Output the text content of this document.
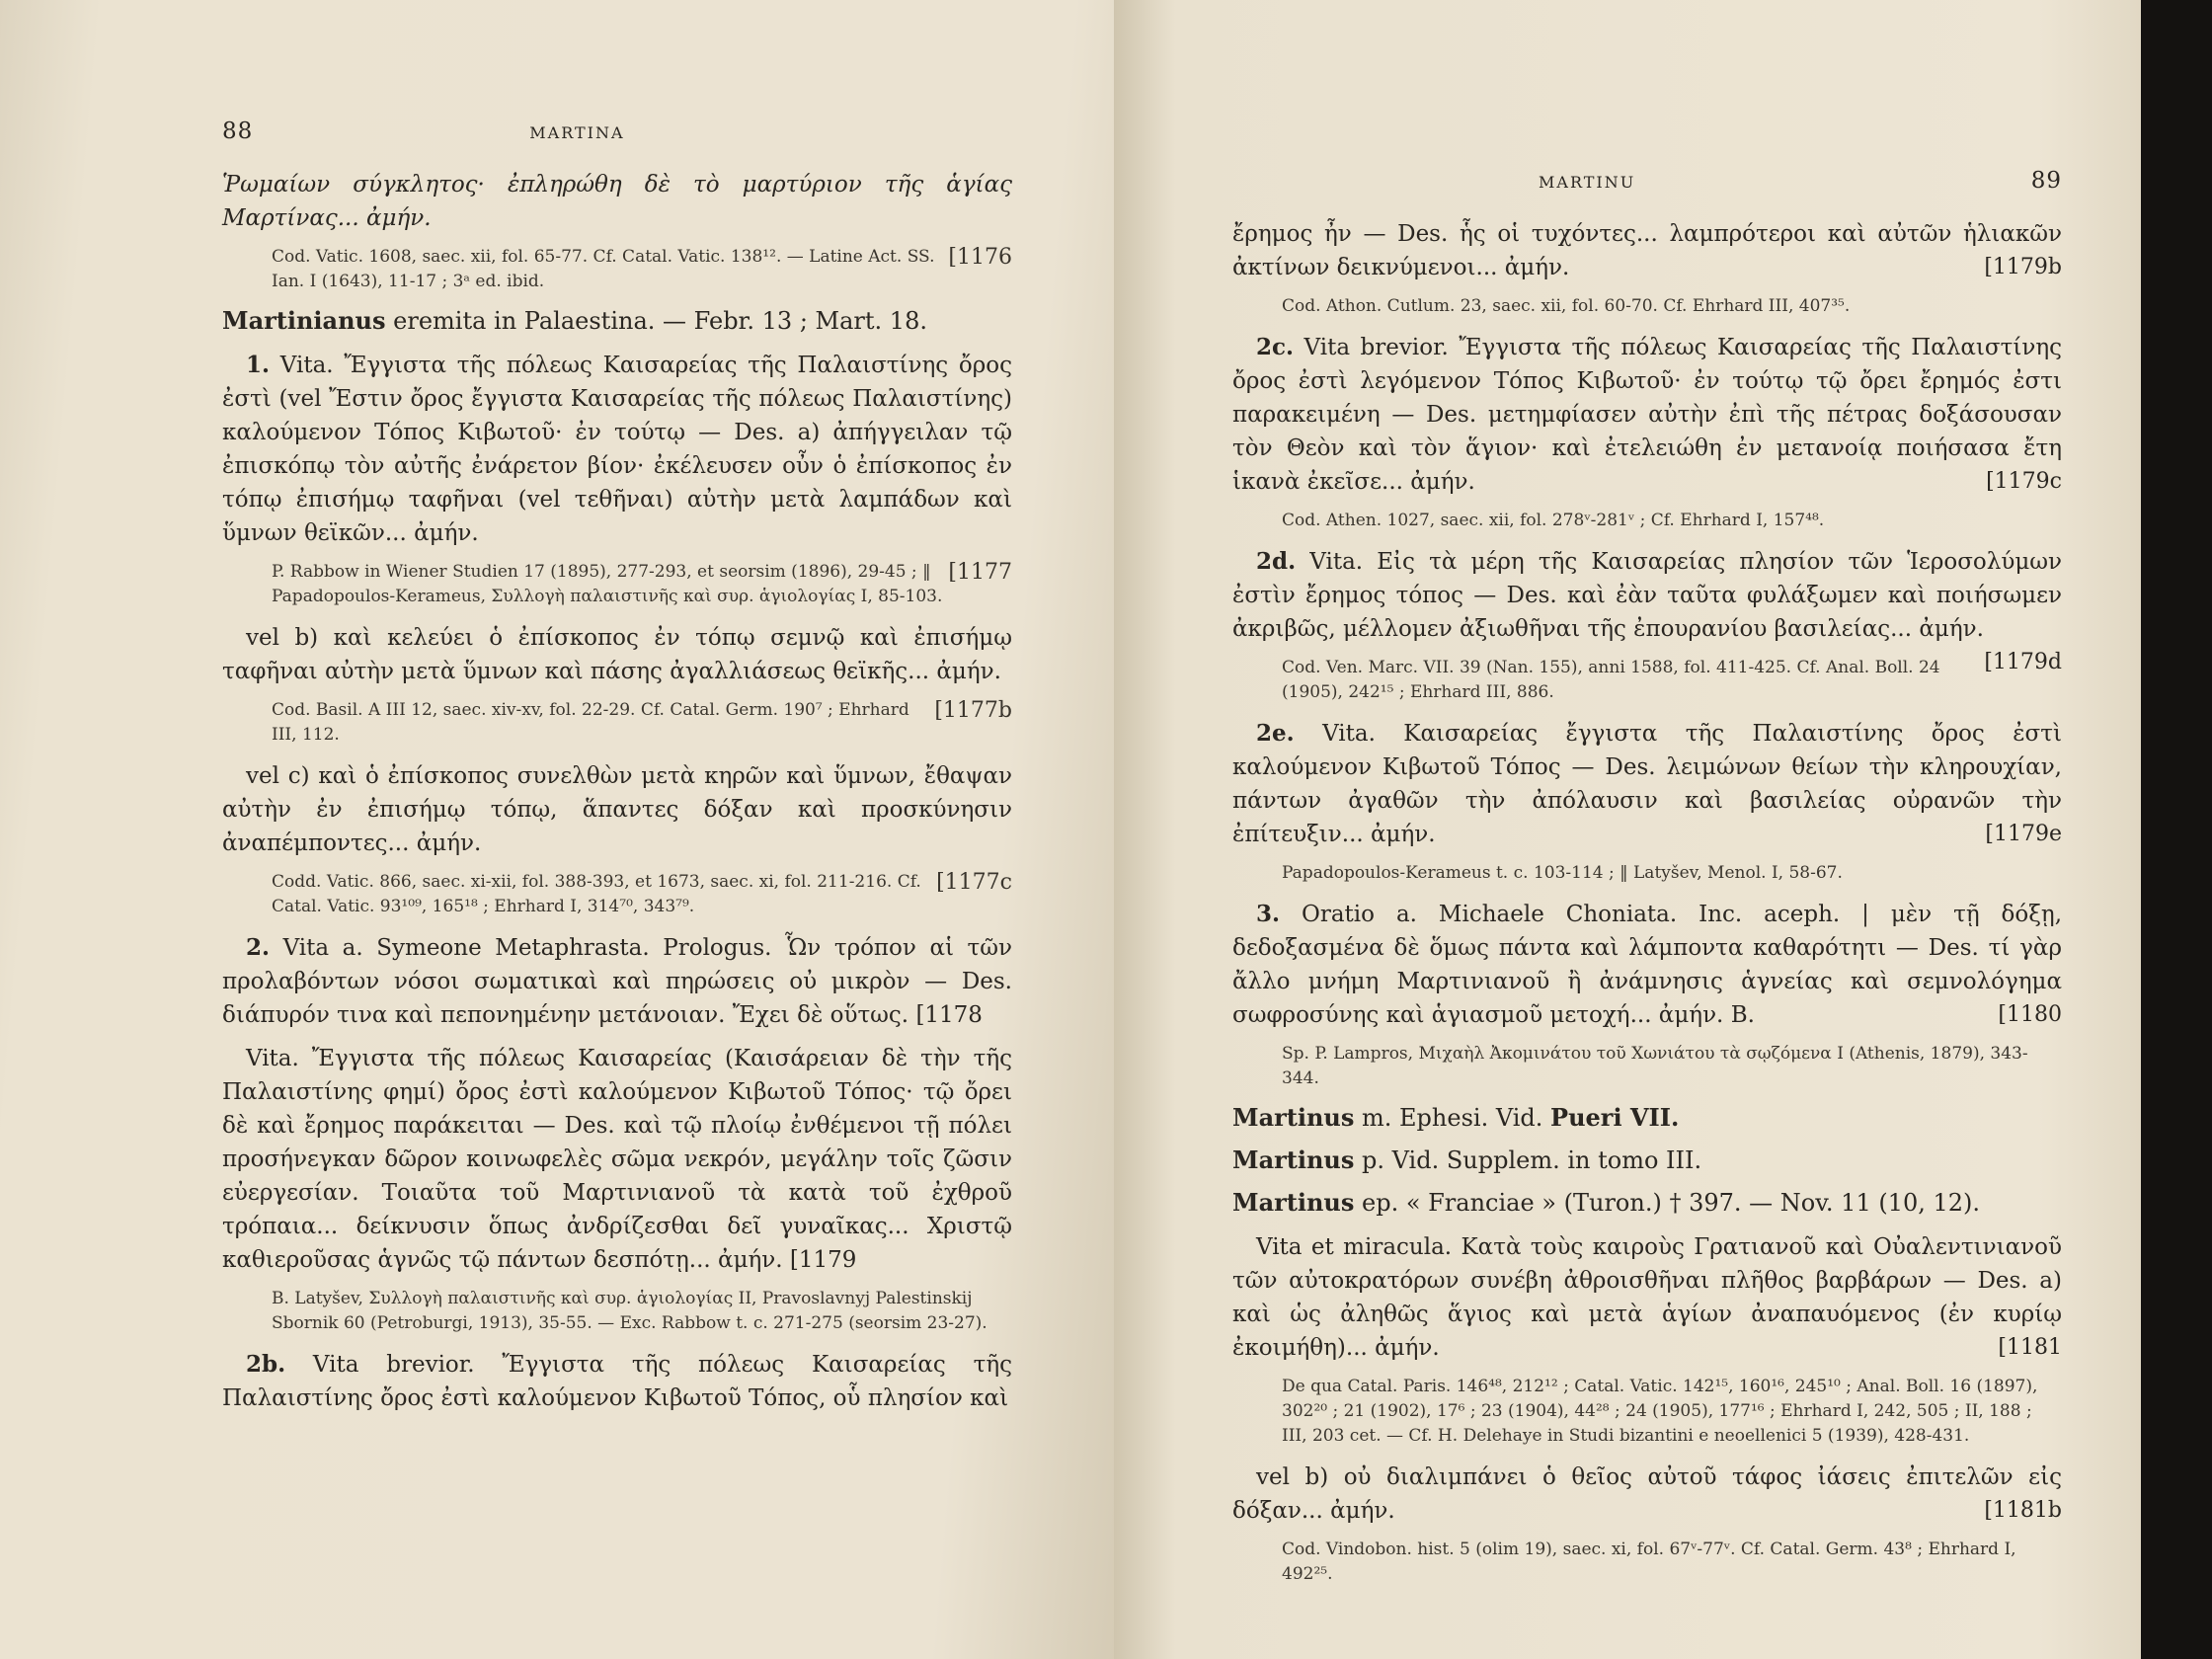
88	MARTINA

Ῥωμαίων σύγκλητος· ἐπληρώθη δὲ τὸ μαρτύριον τῆς ἁγίας Μαρτίνας... ἀμήν.

[1176
Cod. Vatic. 1608, saec. xii, fol. 65-77. Cf. Catal. Vatic. 138¹². — Latine Act. SS. Ian. I (1643), 11-17 ; 3ᵃ ed. ibid.
Martinianus eremita in Palaestina. — Febr. 13 ; Mart. 18.

1. Vita. Ἔγγιστα τῆς πόλεως Καισαρείας τῆς Παλαιστίνης ὄρος ἐστὶ (vel Ἔστιν ὄρος ἔγγιστα Καισαρείας τῆς πόλεως Παλαιστίνης) καλούμενον Τόπος Κιβωτοῦ· ἐν τούτῳ — Des. a) ἀπήγγειλαν τῷ ἐπισκόπῳ τὸν αὐτῆς ἐνάρετον βίον· ἐκέλευσεν οὖν ὁ ἐπίσκοπος ἐν τόπῳ ἐπισήμῳ ταφῆναι (vel τεθῆναι) αὐτὴν μετὰ λαμπάδων καὶ ὕμνων θεϊκῶν... ἀμήν.

[1177
P. Rabbow in Wiener Studien 17 (1895), 277-293, et seorsim (1896), 29-45 ; ‖ Papadopoulos-Kerameus, Συλλογὴ παλαιστινῆς καὶ συρ. ἁγιολογίας I, 85-103.

vel b) καὶ κελεύει ὁ ἐπίσκοπος ἐν τόπῳ σεμνῷ καὶ ἐπισήμῳ ταφῆναι αὐτὴν μετὰ ὕμνων καὶ πάσης ἀγαλλιάσεως θεϊκῆς... ἀμήν.

[1177b
Cod. Basil. A III 12, saec. xiv-xv, fol. 22-29. Cf. Catal. Germ. 190⁷ ; Ehrhard III, 112.

vel c) καὶ ὁ ἐπίσκοπος συνελθὼν μετὰ κηρῶν καὶ ὕμνων, ἔθαψαν αὐτὴν ἐν ἐπισήμῳ τόπῳ, ἅπαντες δόξαν καὶ προσκύνησιν ἀναπέμποντες... ἀμήν.

[1177c
Codd. Vatic. 866, saec. xi-xii, fol. 388-393, et 1673, saec. xi, fol. 211-216. Cf. Catal. Vatic. 93¹⁰⁹, 165¹⁸ ; Ehrhard I, 314⁷⁰, 343⁷⁹.

2. Vita a. Symeone Metaphrasta. Prologus. Ὧν τρόπον αἱ τῶν προλαβόντων νόσοι σωματικαὶ καὶ πηρώσεις οὐ μικρὸν — Des. διάπυρόν τινα καὶ πεπονημένην μετάνοιαν. Ἔχει δὲ οὕτως. [1178

Vita. Ἔγγιστα τῆς πόλεως Καισαρείας (Καισάρειαν δὲ τὴν τῆς Παλαιστίνης φημί) ὄρος ἐστὶ καλούμενον Κιβωτοῦ Τόπος· τῷ ὄρει δὲ καὶ ἔρημος παράκειται — Des. καὶ τῷ πλοίῳ ἐνθέμενοι τῇ πόλει προσήνεγκαν δῶρον κοινωφελὲς σῶμα νεκρόν, μεγάλην τοῖς ζῶσιν εὐεργεσίαν. Τοιαῦτα τοῦ Μαρτινιανοῦ τὰ κατὰ τοῦ ἐχθροῦ τρόπαια... δείκνυσιν ὅπως ἀνδρίζεσθαι δεῖ γυναῖκας... Χριστῷ καθιεροῦσας ἁγνῶς τῷ πάντων δεσπότῃ... ἀμήν. [1179

B. Latyšev, Συλλογὴ παλαιστινῆς καὶ συρ. ἁγιολογίας II, Pravoslavnyj Palestinskij Sbornik 60 (Petroburgi, 1913), 35-55. — Exc. Rabbow t. c. 271-275 (seorsim 23-27).

2b. Vita brevior. Ἔγγιστα τῆς πόλεως Καισαρείας τῆς Παλαιστίνης ὄρος ἐστὶ καλούμενον Κιβωτοῦ Τόπος, οὗ πλησίον καὶ

MARTINU	89

ἔρημος ἦν — Des. ἧς οἱ τυχόντες... λαμπρότεροι καὶ αὐτῶν ἡλιακῶν ἀκτίνων δεικνύμενοι... ἀμήν.	[1179b

Cod. Athon. Cutlum. 23, saec. xii, fol. 60-70. Cf. Ehrhard III, 407³⁵.

2c. Vita brevior. Ἔγγιστα τῆς πόλεως Καισαρείας τῆς Παλαιστίνης ὄρος ἐστὶ λεγόμενον Τόπος Κιβωτοῦ· ἐν τούτῳ τῷ ὄρει ἔρημός ἐστι παρακειμένη — Des. μετημφίασεν αὐτὴν ἐπὶ τῆς πέτρας δοξάσουσαν τὸν Θεὸν καὶ τὸν ἅγιον· καὶ ἐτελειώθη ἐν μετανοίᾳ ποιήσασα ἔτη ἱκανὰ ἐκεῖσε... ἀμήν.	[1179c

Cod. Athen. 1027, saec. xii, fol. 278ᵛ-281ᵛ ; Cf. Ehrhard I, 157⁴⁸.

2d. Vita. Εἰς τὰ μέρη τῆς Καισαρείας πλησίον τῶν Ἱεροσολύμων ἐστὶν ἔρημος τόπος — Des. καὶ ἐὰν ταῦτα φυλάξωμεν καὶ ποιήσωμεν ἀκριβῶς, μέλλομεν ἀξιωθῆναι τῆς ἐπουρανίου βασιλείας... ἀμήν.
[1179d

Cod. Ven. Marc. VII. 39 (Nan. 155), anni 1588, fol. 411-425. Cf. Anal. Boll. 24 (1905), 242¹⁵ ; Ehrhard III, 886.

2e. Vita. Καισαρείας ἔγγιστα τῆς Παλαιστίνης ὄρος ἐστὶ καλούμενον Κιβωτοῦ Τόπος — Des. λειμώνων θείων τὴν κληρουχίαν, πάντων ἀγαθῶν τὴν ἀπόλαυσιν καὶ βασιλείας οὐρανῶν τὴν ἐπίτευξιν... ἀμήν.	[1179e

Papadopoulos-Kerameus t. c. 103-114 ; ‖ Latyšev, Menol. I, 58-67.

3. Oratio a. Michaele Choniata. Inc. aceph. | μὲν τῇ δόξῃ, δεδοξασμένα δὲ ὅμως πάντα καὶ λάμποντα καθαρότητι — Des. τί γὰρ ἄλλο μνήμη Μαρτινιανοῦ ἢ ἀνάμνησις ἁγνείας καὶ σεμνολόγημα σωφροσύνης καὶ ἁγιασμοῦ μετοχή... ἀμήν.	[1180
B.

Sp. P. Lampros, Μιχαὴλ Ἀκομινάτου τοῦ Χωνιάτου τὰ σῳζόμενα I (Athenis, 1879), 343-344.
Martinus m. Ephesi. Vid. Pueri VII.
Martinus p. Vid. Supplem. in tomo III.
Martinus ep. « Franciae » (Turon.) † 397. — Nov. 11 (10, 12).

Vita et miracula. Κατὰ τοὺς καιροὺς Γρατιανοῦ καὶ Οὐαλεντινιανοῦ τῶν αὐτοκρατόρων συνέβη ἀθροισθῆναι πλῆθος βαρβάρων — Des. a) καὶ ὡς ἀληθῶς ἅγιος καὶ μετὰ ἁγίων ἀναπαυόμενος (ἐν κυρίῳ ἐκοιμήθη)... ἀμήν.	[1181

De qua Catal. Paris. 146⁴⁸, 212¹² ; Catal. Vatic. 142¹⁵, 160¹⁶, 245¹⁰ ; Anal. Boll. 16 (1897), 302²⁰ ; 21 (1902), 17⁶ ; 23 (1904), 44²⁸ ; 24 (1905), 177¹⁶ ; Ehrhard I, 242, 505 ; II, 188 ; III, 203 cet. — Cf. H. Delehaye in Studi bizantini e neoellenici 5 (1939), 428-431.

vel b) οὐ διαλιμπάνει ὁ θεῖος αὐτοῦ τάφος ἰάσεις ἐπιτελῶν εἰς δόξαν... ἀμήν.	[1181b

Cod. Vindobon. hist. 5 (olim 19), saec. xi, fol. 67ᵛ-77ᵛ. Cf. Catal. Germ. 43⁸ ; Ehrhard I, 492²⁵.
